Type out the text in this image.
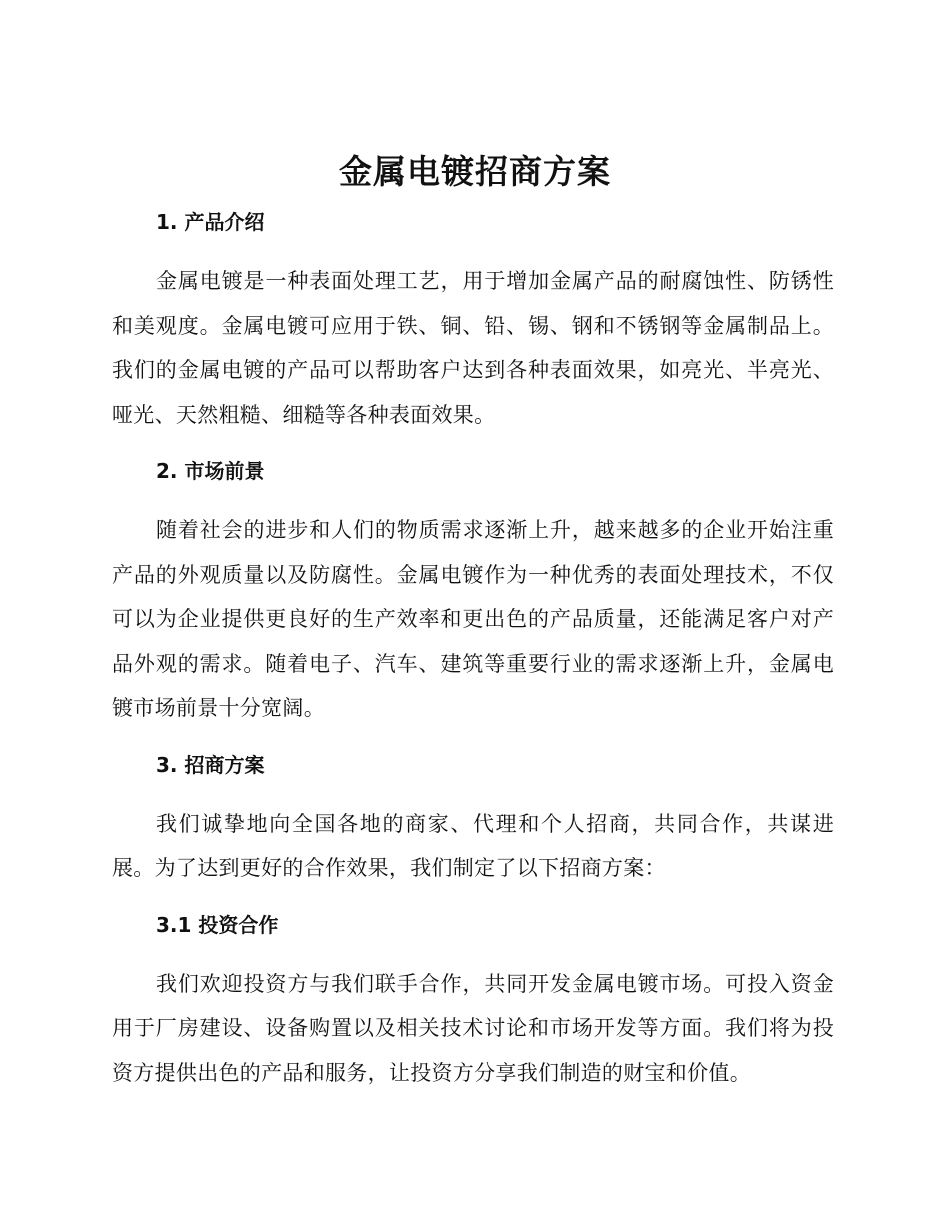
金属电镀招商方案
1. 产品介绍

金属电镀是一种表面处理工艺，用于增加金属产品的耐腐蚀性、防锈性和美观度。金属电镀可应用于铁、铜、铅、锡、钢和不锈钢等金属制品上。我们的金属电镀的产品可以帮助客户达到各种表面效果，如亮光、半亮光、哑光、天然粗糙、细糙等各种表面效果。

2. 市场前景

随着社会的进步和人们的物质需求逐渐上升，越来越多的企业开始注重产品的外观质量以及防腐性。金属电镀作为一种优秀的表面处理技术，不仅可以为企业提供更良好的生产效率和更出色的产品质量，还能满足客户对产品外观的需求。随着电子、汽车、建筑等重要行业的需求逐渐上升，金属电镀市场前景十分宽阔。

3. 招商方案

我们诚挚地向全国各地的商家、代理和个人招商，共同合作，共谋进展。为了达到更好的合作效果，我们制定了以下招商方案：

3.1 投资合作

我们欢迎投资方与我们联手合作，共同开发金属电镀市场。可投入资金用于厂房建设、设备购置以及相关技术讨论和市场开发等方面。我们将为投资方提供出色的产品和服务，让投资方分享我们制造的财宝和价值。
